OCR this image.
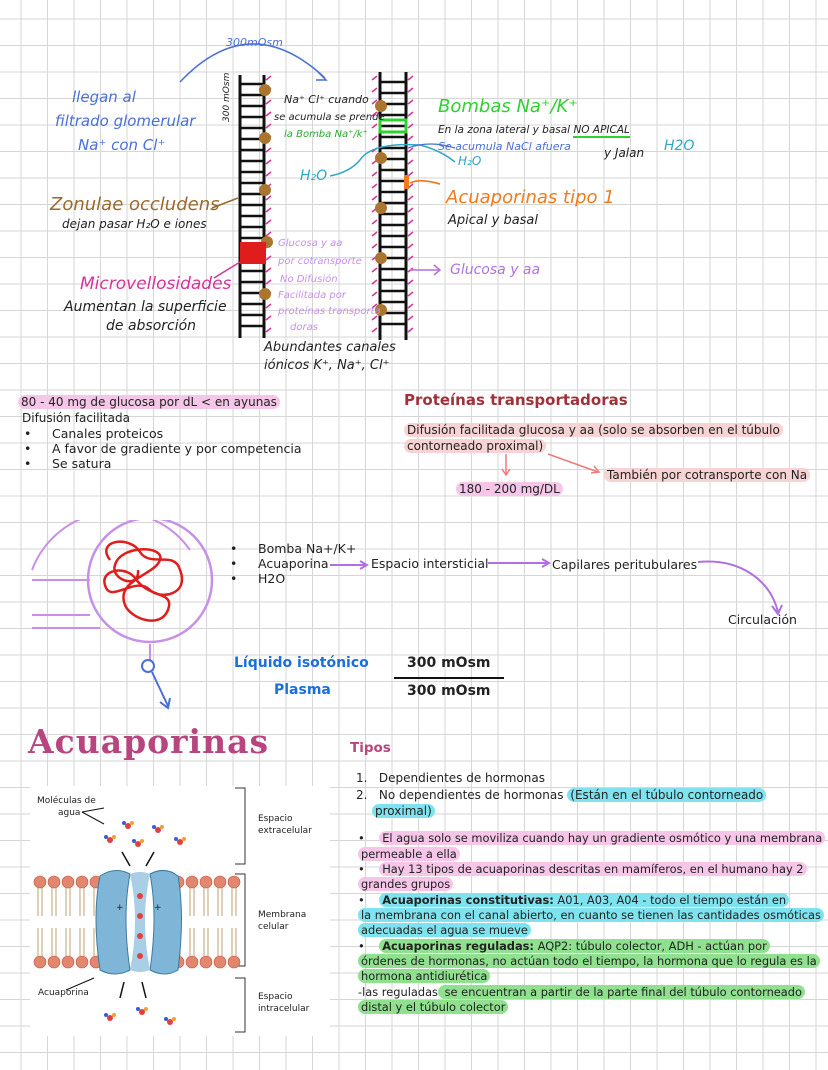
300mOsm
300 mOsm
llegan al
filtrado glomerular
Na⁺ con Cl⁺
Zonulae occludens
dejan pasar H₂O e iones
Microvellosidades
Aumentan la superficie
de absorción
Na⁺ Cl⁺ cuando
se acumula se prende
la Bomba Na⁺/k⁺
H₂O
Glucosa y aa
por cotransporte
No Difusión
Facilitada por
proteínas transporta
doras
Abundantes canales
iónicos K⁺, Na⁺, Cl⁺
Bombas Na⁺/K⁺
En la zona lateral y basal NO APICAL
Se acumula NaCl afuera	y Jalan H2O
H₂O
Acuaporinas tipo 1
Apical y basal
Glucosa y aa
80 - 40 mg de glucosa por dL < en ayunas
Difusión facilitada
• Canales proteicos
• A favor de gradiente y por competencia
• Se satura
Proteínas transportadoras
Difusión facilitada glucosa y aa (solo se absorben en el túbulo
contorneado proximal)
También por cotransporte con Na
180 - 200 mg/DL
• Bomba Na+/K+
• Acuaporina
• H2O
Espacio intersticial	Capilares peritubulares
Circulación
Líquido isotónico
Plasma
300 mOsm
300 mOsm
Acuaporinas
+	+
Moléculas de
agua
Espacio
extracelular
Membrana
celular
Espacio
intracelular
Acuaporina
Tipos
1.   Dependientes de hormonas
2.   No dependientes de hormonas (Están en el túbulo contorneado
proximal)
•    El agua solo se moviliza cuando hay un gradiente osmótico y una membrana
permeable a ella
•    Hay 13 tipos de acuaporinas descritas en mamíferos, en el humano hay 2
grandes grupos
•    Acuaporinas constitutivas: A01, A03, A04 - todo el tiempo están en
la membrana con el canal abierto, en cuanto se tienen las cantidades osmóticas
adecuadas el agua se mueve
•    Acuaporinas reguladas: AQP2: túbulo colector, ADH - actúan por
órdenes de hormonas, no actúan todo el tiempo, la hormona que lo regula es la
hormona antidiurética
-las reguladas se encuentran a partir de la parte final del túbulo contorneado
distal y el túbulo colector
